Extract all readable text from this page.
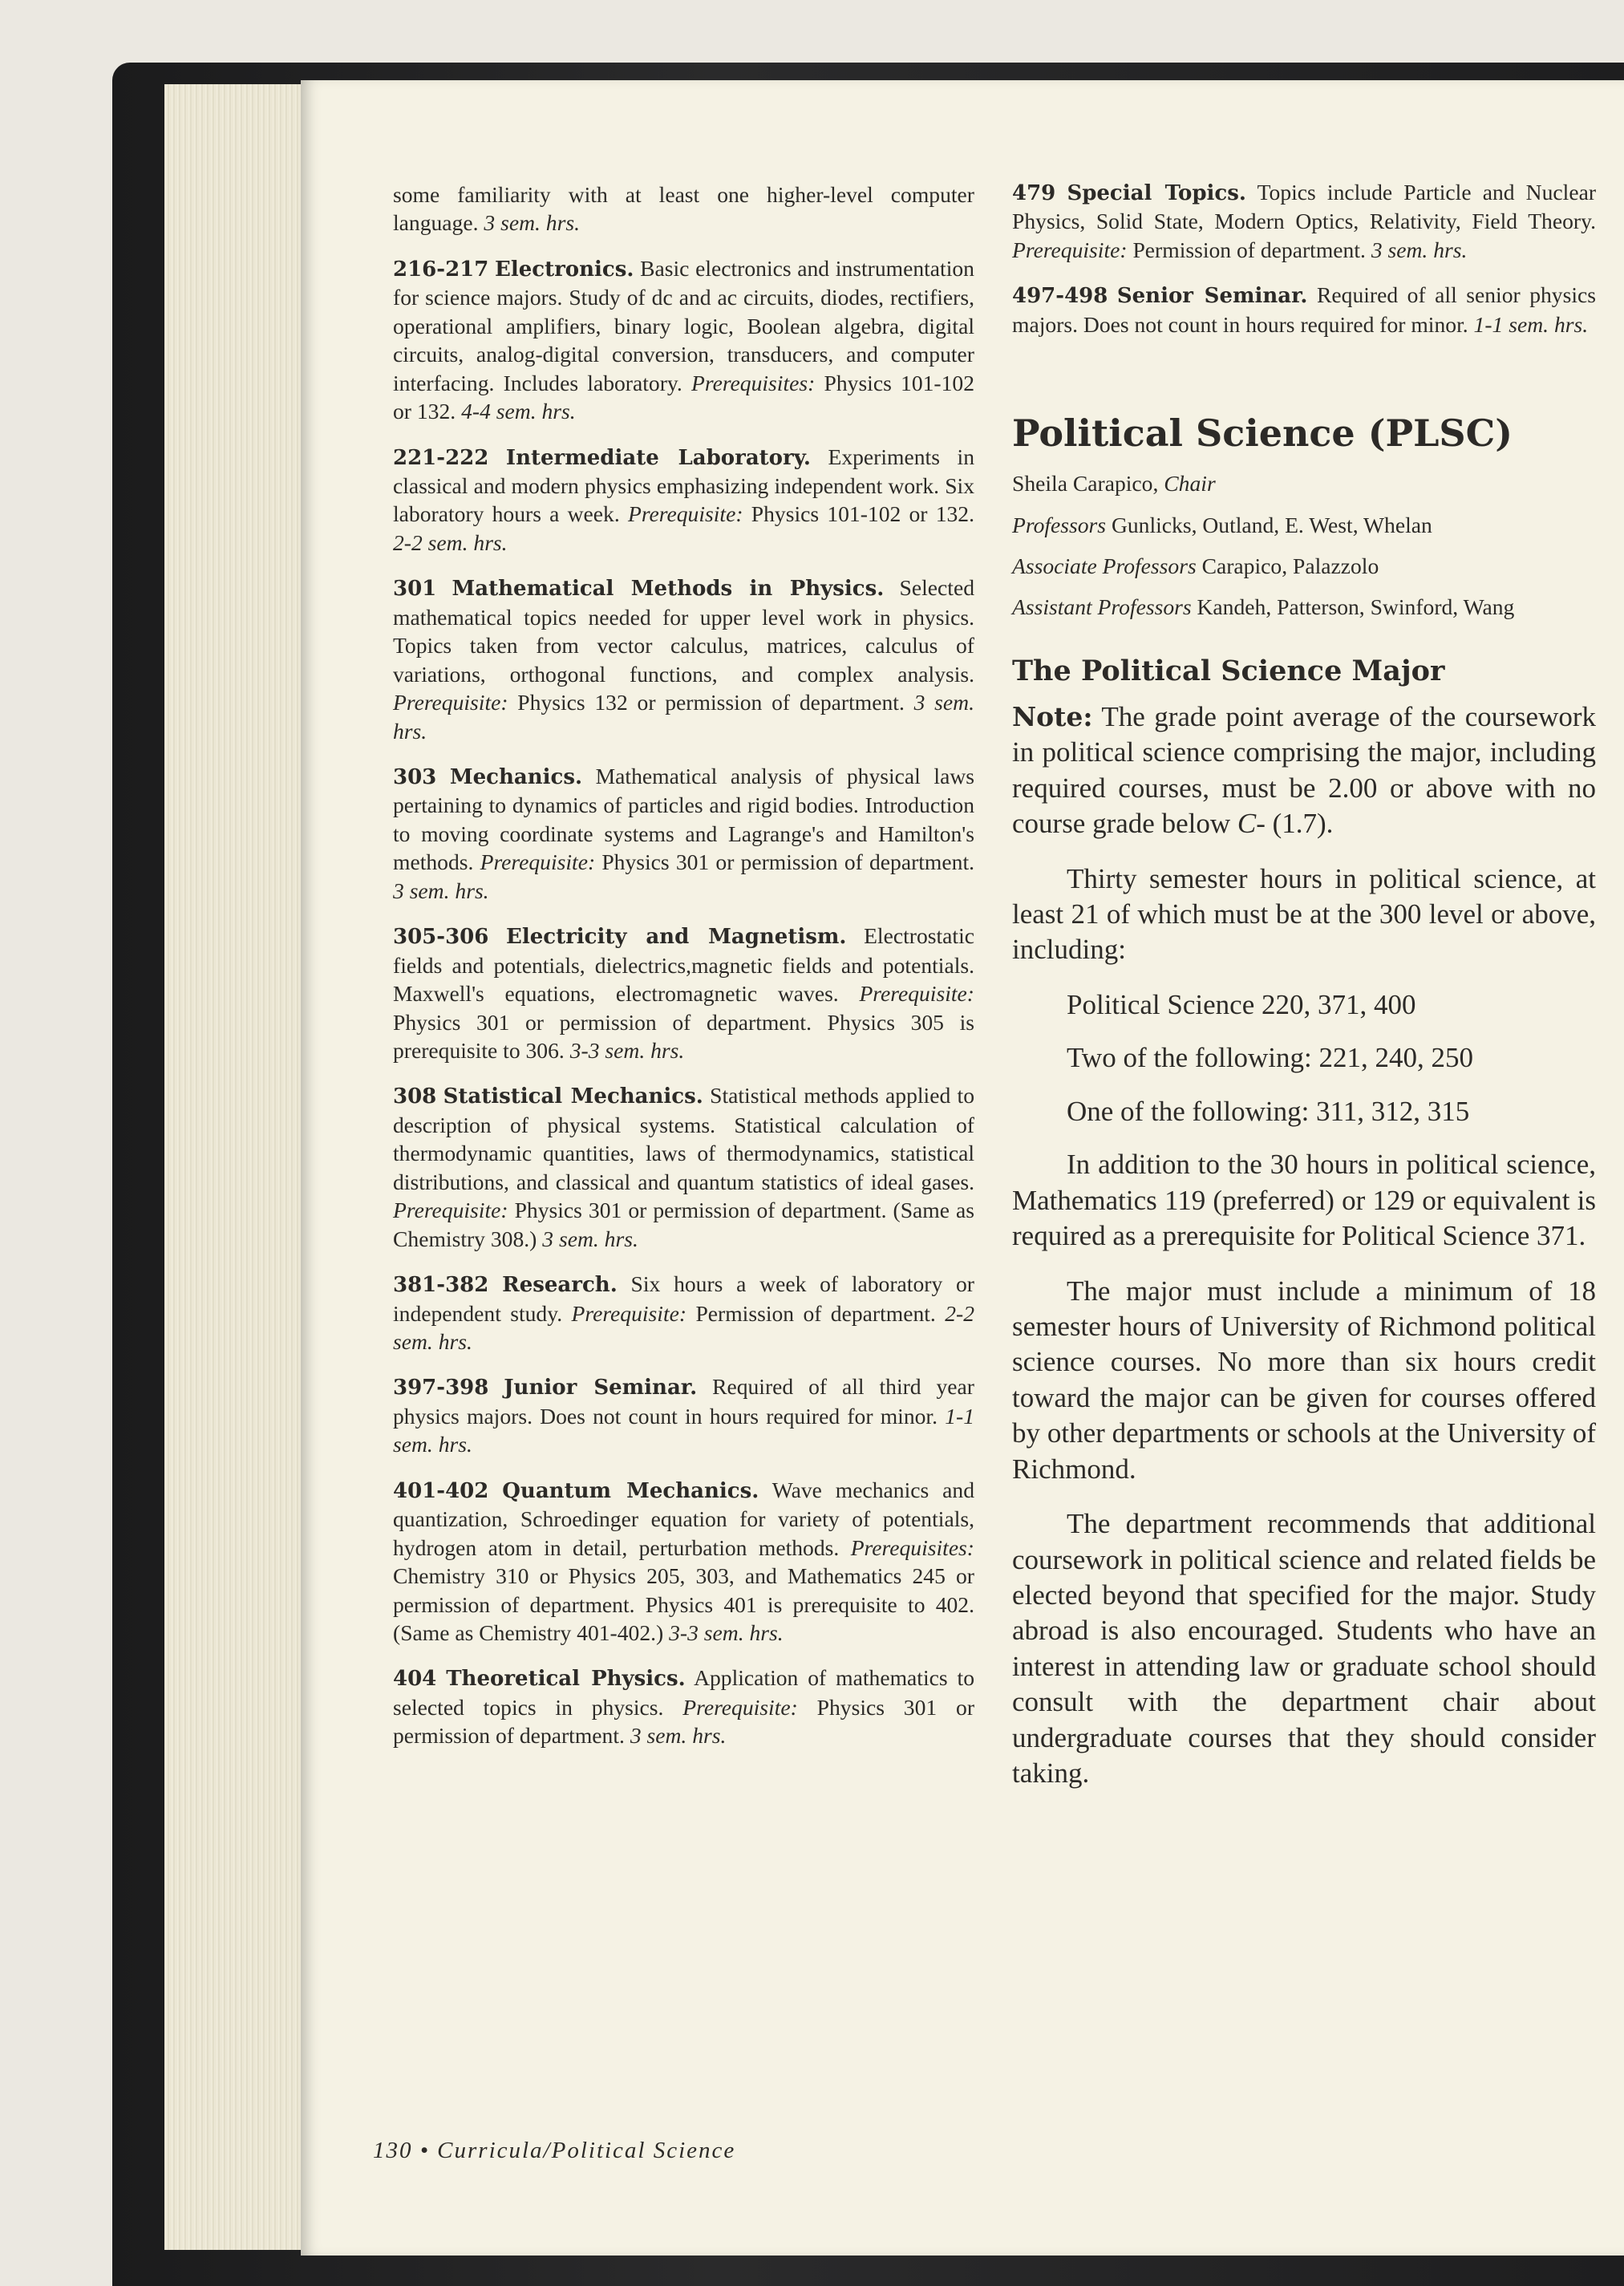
some familiarity with at least one higher-level computer language. 3 sem. hrs.

216-217 Electronics. Basic electronics and instrumentation for science majors. Study of dc and ac circuits, diodes, rectifiers, operational amplifiers, binary logic, Boolean algebra, digital circuits, analog-digital conversion, transducers, and computer interfacing. Includes laboratory. Prerequisites: Physics 101-102 or 132. 4-4 sem. hrs.

221-222 Intermediate Laboratory. Experiments in classical and modern physics emphasizing independent work. Six laboratory hours a week. Prerequisite: Physics 101-102 or 132. 2-2 sem. hrs.

301 Mathematical Methods in Physics. Selected mathematical topics needed for upper level work in physics. Topics taken from vector calculus, matrices, calculus of variations, orthogonal functions, and complex analysis. Prerequisite: Physics 132 or permission of department. 3 sem. hrs.

303 Mechanics. Mathematical analysis of physical laws pertaining to dynamics of particles and rigid bodies. Introduction to moving coordinate systems and Lagrange's and Hamilton's methods. Prerequisite: Physics 301 or permission of department. 3 sem. hrs.

305-306 Electricity and Magnetism. Electrostatic fields and potentials, dielectrics,magnetic fields and potentials. Maxwell's equations, electromagnetic waves. Prerequisite: Physics 301 or permission of department. Physics 305 is prerequisite to 306. 3-3 sem. hrs.

308 Statistical Mechanics. Statistical methods applied to description of physical systems. Statistical calculation of thermodynamic quantities, laws of thermodynamics, statistical distributions, and classical and quantum statistics of ideal gases. Prerequisite: Physics 301 or permission of department. (Same as Chemistry 308.) 3 sem. hrs.

381-382 Research. Six hours a week of laboratory or independent study. Prerequisite: Permission of department. 2-2 sem. hrs.

397-398 Junior Seminar. Required of all third year physics majors. Does not count in hours required for minor. 1-1 sem. hrs.

401-402 Quantum Mechanics. Wave mechanics and quantization, Schroedinger equation for variety of potentials, hydrogen atom in detail, perturbation methods. Prerequisites: Chemistry 310 or Physics 205, 303, and Mathematics 245 or permission of department. Physics 401 is prerequisite to 402. (Same as Chemistry 401-402.) 3-3 sem. hrs.

404 Theoretical Physics. Application of mathematics to selected topics in physics. Prerequisite: Physics 301 or permission of department. 3 sem. hrs.

479 Special Topics. Topics include Particle and Nuclear Physics, Solid State, Modern Optics, Relativity, Field Theory. Prerequisite: Permission of department. 3 sem. hrs.

497-498 Senior Seminar. Required of all senior physics majors. Does not count in hours required for minor. 1-1 sem. hrs.

Political Science (PLSC)

Sheila Carapico, Chair

Professors Gunlicks, Outland, E. West, Whelan

Associate Professors Carapico, Palazzolo

Assistant Professors Kandeh, Patterson, Swinford, Wang

The Political Science Major

Note: The grade point average of the coursework in political science comprising the major, including required courses, must be 2.00 or above with no course grade below C- (1.7).

Thirty semester hours in political science, at least 21 of which must be at the 300 level or above, including:

Political Science 220, 371, 400

Two of the following: 221, 240, 250

One of the following: 311, 312, 315

In addition to the 30 hours in political science, Mathematics 119 (preferred) or 129 or equivalent is required as a prerequisite for Political Science 371.

The major must include a minimum of 18 semester hours of University of Richmond political science courses. No more than six hours credit toward the major can be given for courses offered by other departments or schools at the University of Richmond.

The department recommends that additional coursework in political science and related fields be elected beyond that specified for the major. Study abroad is also encouraged. Students who have an interest in attending law or graduate school should consult with the department chair about undergraduate courses that they should consider taking.

130 • Curricula/Political Science
